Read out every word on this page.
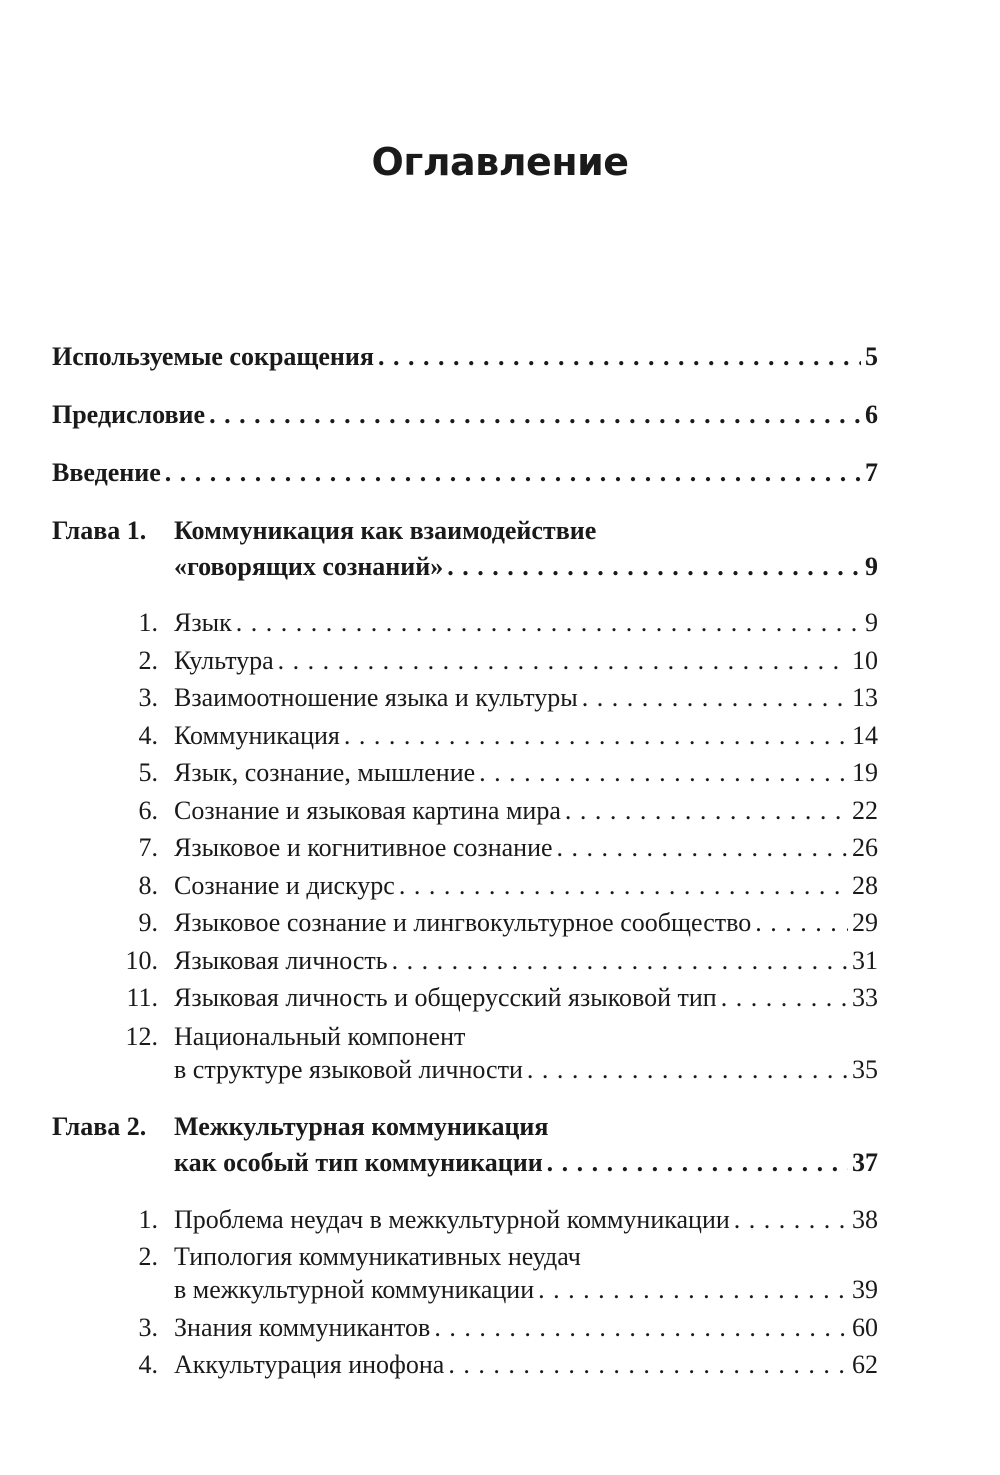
Оглавление
Используемые сокращения . . .	5
Предисловие . . .	6
Введение . . .	7
Глава 1.	Коммуникация как взаимодействие
«говорящих сознаний» . . .	9
1. Язык . . .	9
2. Культура . . .	10
3. Взаимоотношение языка и культуры . . .	13
4. Коммуникация . . .	14
5. Язык, сознание, мышление . . .	19
6. Сознание и языковая картина мира . . .	22
7. Языковое и когнитивное сознание . . .	26
8. Сознание и дискурс . . .	28
9. Языковое сознание и лингвокультурное сообщество . . .	29
10. Языковая личность . . .	31
11. Языковая личность и общерусский языковой тип . . .	33
12. Национальный компонент
в структуре языковой личности . . .	35
Глава 2.	Межкультурная коммуникация
как особый тип коммуникации . . .	37
1. Проблема неудач в межкультурной коммуникации . . .	38
2. Типология коммуникативных неудач
в межкультурной коммуникации . . .	39
3. Знания коммуникантов . . .	60
4. Аккультурация инофона . . .	62
